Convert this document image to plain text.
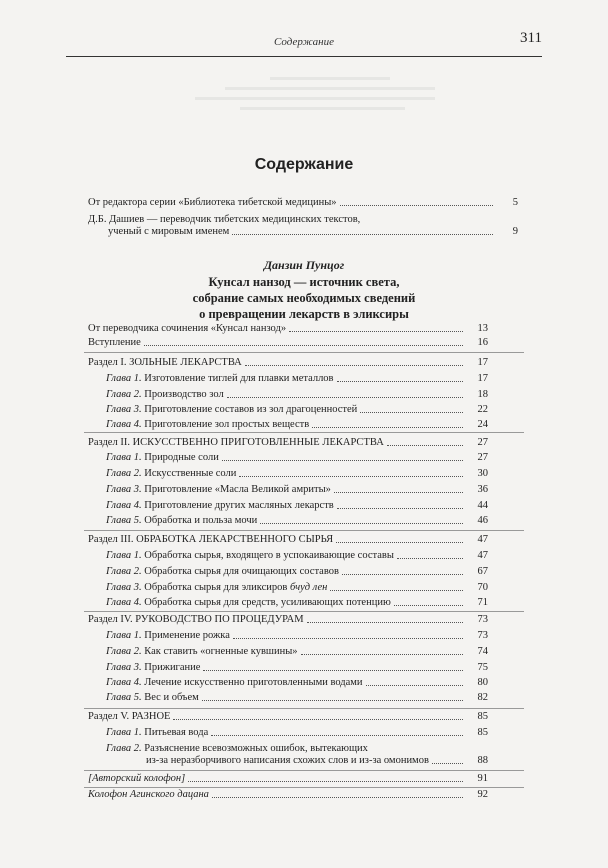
Содержание	311
Содержание
От редактора серии «Библиотека тибетской медицины»	5
Д.Б. Дашиев — переводчик тибетских медицинских текстов,
ученый с мировым именем	9
Данзин Пунцог
Кунсал нанзод — источник света,
собрание самых необходимых сведений
о превращении лекарств в эликсиры
От переводчика сочинения «Кунсал нанзод»	13
Вступление	16
Раздел I. ЗОЛЬНЫЕ ЛЕКАРСТВА	17
Глава 1. Изготовление тиглей для плавки металлов	17
Глава 2. Производство зол	18
Глава 3. Приготовление составов из зол драгоценностей	22
Глава 4. Приготовление зол простых веществ	24
Раздел II. ИСКУССТВЕННО ПРИГОТОВЛЕННЫЕ ЛЕКАРСТВА	27
Глава 1. Природные соли	27
Глава 2. Искусственные соли	30
Глава 3. Приготовление «Масла Великой амриты»	36
Глава 4. Приготовление других масляных лекарств	44
Глава 5. Обработка и польза мочи	46
Раздел III. ОБРАБОТКА ЛЕКАРСТВЕННОГО СЫРЬЯ	47
Глава 1. Обработка сырья, входящего в успокаивающие составы	47
Глава 2. Обработка сырья для очищающих составов	67
Глава 3. Обработка сырья для эликсиров бчуд лен	70
Глава 4. Обработка сырья для средств, усиливающих потенцию	71
Раздел IV. РУКОВОДСТВО ПО ПРОЦЕДУРАМ	73
Глава 1. Применение рожка	73
Глава 2. Как ставить «огненные кувшины»	74
Глава 3. Прижигание	75
Глава 4. Лечение искусственно приготовленными водами	80
Глава 5. Вес и объем	82
Раздел V. РАЗНОЕ	85
Глава 1. Питьевая вода	85
Глава 2. Разъяснение всевозможных ошибок, вытекающих
из-за неразборчивого написания схожих слов и из-за омонимов	88
[Авторский колофон]	91
Колофон Агинского дацана	92
